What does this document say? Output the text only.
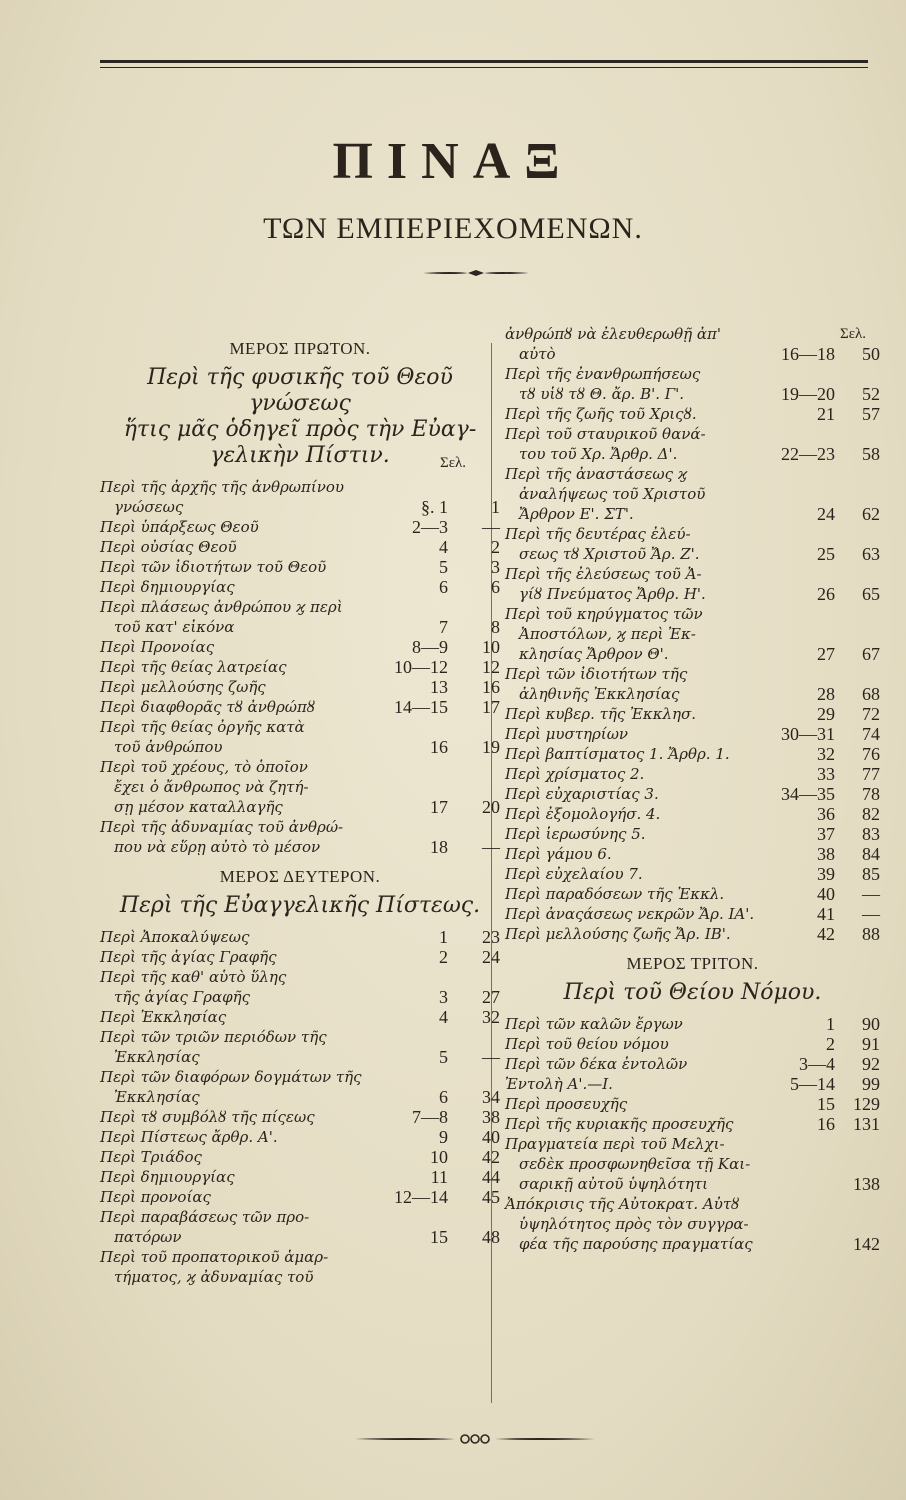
ΠΙΝΑΞ
ΤΩΝ ΕΜΠΕΡΙΕΧΟΜΕΝΩΝ.
ΜΕΡΟΣ ΠΡΩΤΟΝ.
Περὶ τῆς φυσικῆς τοῦ Θεοῦ γνώσεως
ἥτις μᾶς ὁδηγεῖ πρὸς τὴν Εὐαγ-
γελικὴν Πίστιν.	Σελ.
Περὶ τῆς ἀρχῆς τῆς ἀνθρωπίνου
γνώσεως	§. 1	1
Περὶ ὑπάρξεως Θεοῦ	2—3	—
Περὶ οὐσίας Θεοῦ	4	2
Περὶ τῶν ἰδιοτήτων τοῦ Θεοῦ	5	3
Περὶ δημιουργίας	6	6
Περὶ πλάσεως ἀνθρώπου ϗ περὶ
τοῦ κατ' εἰκόνα	7	8
Περὶ Προνοίας	8—9	10
Περὶ τῆς θείας λατρείας	10—12	12
Περὶ μελλούσης ζωῆς	13	16
Περὶ διαφθορᾶς τȣ ἀνθρώπȣ	14—15	17
Περὶ τῆς θείας ὀργῆς κατὰ
τοῦ ἀνθρώπου	16	19
Περὶ τοῦ χρέους, τὸ ὁποῖον
ἔχει ὁ ἄνθρωπος νὰ ζητή-
σῃ μέσον καταλλαγῆς	17	20
Περὶ τῆς ἀδυναμίας τοῦ ἀνθρώ-
που νὰ εὕρῃ αὐτὸ τὸ μέσον	18	—
ΜΕΡΟΣ ΔΕΥΤΕΡΟΝ.
Περὶ τῆς Εὐαγγελικῆς Πίστεως.
Περὶ Ἀποκαλύψεως	1	23
Περὶ τῆς ἁγίας Γραφῆς	2	24
Περὶ τῆς καθ' αὑτὸ ὕλης
τῆς ἁγίας Γραφῆς	3	27
Περὶ Ἐκκλησίας	4	32
Περὶ τῶν τριῶν περιόδων τῆς
Ἐκκλησίας	5	—
Περὶ τῶν διαφόρων δογμάτων τῆς
Ἐκκλησίας	6	34
Περὶ τȣ συμβόλȣ τῆς πίςεως	7—8	38
Περὶ Πίστεως ἄρθρ. Α'.	9	40
Περὶ Τριάδος	10	42
Περὶ δημιουργίας	11	44
Περὶ προνοίας	12—14	45
Περὶ παραβάσεως τῶν προ-
πατόρων	15	48
Περὶ τοῦ προπατορικοῦ ἁμαρ-
τήματος, ϗ ἀδυναμίας τοῦ
Σελ.
ἀνθρώπȣ νὰ ἐλευθερωθῇ ἀπ'
αὐτὸ	16—18	50
Περὶ τῆς ἐνανθρωπήσεως
τȣ υἱȣ τȣ Θ. ἄρ. Β'. Γ'.	19—20	52
Περὶ τῆς ζωῆς τοῦ Χριςȣ.	21	57
Περὶ τοῦ σταυρικοῦ θανά-
του τοῦ Χρ. Ἄρθρ. Δ'.	22—23	58
Περὶ τῆς ἀναστάσεως ϗ
ἀναλήψεως τοῦ Χριστοῦ
Ἄρθρον Ε'. ΣΤ'.	24	62
Περὶ τῆς δευτέρας ἐλεύ-
σεως τȣ Χριστοῦ Ἄρ. Ζ'.	25	63
Περὶ τῆς ἐλεύσεως τοῦ Ἀ-
γίȣ Πνεύματος Ἄρθρ. Η'.	26	65
Περὶ τοῦ κηρύγματος τῶν
Ἀποστόλων, ϗ περὶ Ἐκ-
κλησίας Ἄρθρον Θ'.	27	67
Περὶ τῶν ἰδιοτήτων τῆς
ἀληθινῆς Ἐκκλησίας	28	68
Περὶ κυβερ. τῆς Ἐκκλησ.	29	72
Περὶ μυστηρίων	30—31	74
Περὶ βαπτίσματος 1. Ἄρθρ. 1.	32	76
Περὶ χρίσματος 2.	33	77
Περὶ εὐχαριστίας 3.	34—35	78
Περὶ ἐξομολογήσ. 4.	36	82
Περὶ ἱερωσύνης 5.	37	83
Περὶ γάμου 6.	38	84
Περὶ εὐχελαίου 7.	39	85
Περὶ παραδόσεων τῆς Ἐκκλ.	40	—
Περὶ ἀναςάσεως νεκρῶν Ἄρ. ΙΑ'.	41	—
Περὶ μελλούσης ζωῆς Ἄρ. ΙΒ'.	42	88
ΜΕΡΟΣ ΤΡΙΤΟΝ.
Περὶ τοῦ Θείου Νόμου.
Περὶ τῶν καλῶν ἔργων	1	90
Περὶ τοῦ θείου νόμου	2	91
Περὶ τῶν δέκα ἐντολῶν	3—4	92
Ἐντολὴ Α'.—Ι.	5—14	99
Περὶ προσευχῆς	15	129
Περὶ τῆς κυριακῆς προσευχῆς	16	131
Πραγματεία περὶ τοῦ Μελχι-
σεδὲκ προσφωνηθεῖσα τῇ Και-
σαρικῇ αὐτοῦ ὑψηλότητι	138
Ἀπόκρισις τῆς Αὐτοκρατ. Αὐτȣ
ὑψηλότητος πρὸς τὸν συγγρα-
φέα τῆς παρούσης πραγματίας	142
